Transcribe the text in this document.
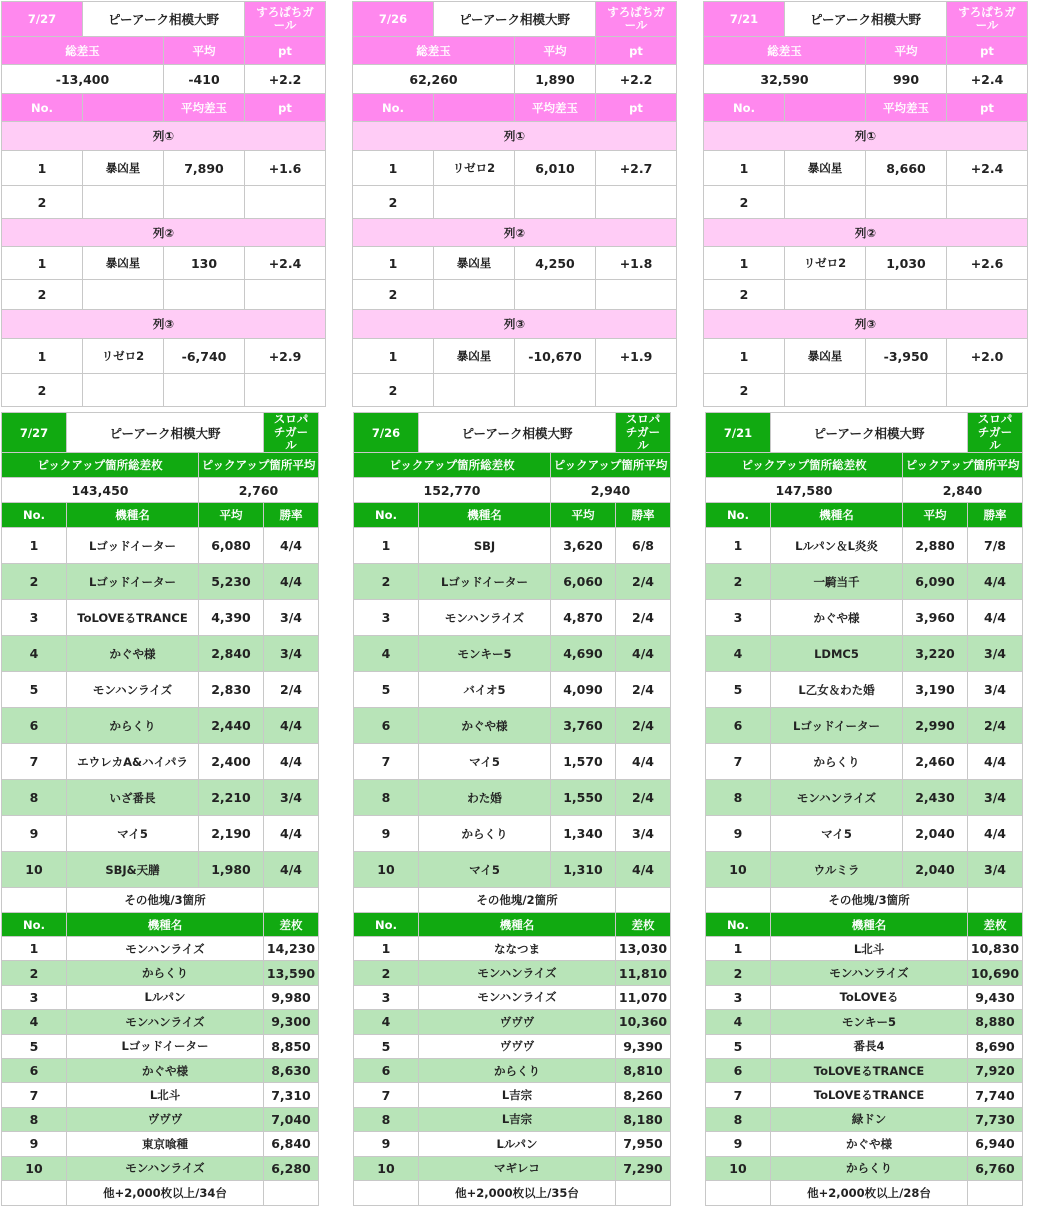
7/27	ピーアーク相模大野		すろぱちガール		7/26	ピーアーク相模大野		すろぱちガール		7/21	ピーアーク相模大野		すろぱちガール
総差玉		平均	pt		総差玉		平均	pt		総差玉		平均	pt
-13,400		-410	+2.2		62,260		1,890	+2.2		32,590		990	+2.4
No.		平均差玉	pt		No.		平均差玉	pt		No.		平均差玉	pt
列①					列①					列①			
1	暴凶星	7,890	+1.6		1	リゼロ2	6,010	+2.7		1	暴凶星	8,660	+2.4
2					2					2			
列②					列②					列②			
1	暴凶星	130	+2.4		1	暴凶星	4,250	+1.8		1	リゼロ2	1,030	+2.6
2					2					2			
列③					列③					列③			
1	リゼロ2	-6,740	+2.9		1	暴凶星	-10,670	+1.9		1	暴凶星	-3,950	+2.0
2					2					2			
7/27	ピーアーク相模大野		スロパチガール		7/26	ピーアーク相模大野		スロパチガール		7/21	ピーアーク相模大野		スロパチガール
ピックアップ箇所総差枚		ピックアップ箇所平均			ピックアップ箇所総差枚		ピックアップ箇所平均			ピックアップ箇所総差枚		ピックアップ箇所平均	
143,450		2,760			152,770		2,940			147,580		2,840	
No.	機種名	平均	勝率		No.	機種名	平均	勝率		No.	機種名	平均	勝率
1	Lゴッドイーター	6,080	4/4		1	SBJ	3,620	6/8		1	Lルパン＆L炎炎	2,880	7/8
2	Lゴッドイーター	5,230	4/4		2	Lゴッドイーター	6,060	2/4		2	一騎当千	6,090	4/4
3	ToLOVEるTRANCE	4,390	3/4		3	モンハンライズ	4,870	2/4		3	かぐや様	3,960	4/4
4	かぐや様	2,840	3/4		4	モンキー5	4,690	4/4		4	LDMC5	3,220	3/4
5	モンハンライズ	2,830	2/4		5	バイオ5	4,090	2/4		5	L乙女＆わた婚	3,190	3/4
6	からくり	2,440	4/4		6	かぐや様	3,760	2/4		6	Lゴッドイーター	2,990	2/4
7	エウレカA&ハイパラ	2,400	4/4		7	マイ5	1,570	4/4		7	からくり	2,460	4/4
8	いざ番長	2,210	3/4		8	わた婚	1,550	2/4		8	モンハンライズ	2,430	3/4
9	マイ5	2,190	4/4		9	からくり	1,340	3/4		9	マイ5	2,040	4/4
10	SBJ&天膳	1,980	4/4		10	マイ5	1,310	4/4		10	ウルミラ	2,040	3/4
	その他塊/3箇所					その他塊/2箇所					その他塊/3箇所		
No.	機種名		差枚		No.	機種名		差枚		No.	機種名		差枚
1	モンハンライズ		14,230		1	ななつま		13,030		1	L北斗		10,830
2	からくり		13,590		2	モンハンライズ		11,810		2	モンハンライズ		10,690
3	Lルパン		9,980		3	モンハンライズ		11,070		3	ToLOVEる		9,430
4	モンハンライズ		9,300		4	ヴヴヴ		10,360		4	モンキー5		8,880
5	Lゴッドイーター		8,850		5	ヴヴヴ		9,390		5	番長4		8,690
6	かぐや様		8,630		6	からくり		8,810		6	ToLOVEるTRANCE		7,920
7	L北斗		7,310		7	L吉宗		8,260		7	ToLOVEるTRANCE		7,740
8	ヴヴヴ		7,040		8	L吉宗		8,180		8	緑ドン		7,730
9	東京喰種		6,840		9	Lルパン		7,950		9	かぐや様		6,940
10	モンハンライズ		6,280		10	マギレコ		7,290		10	からくり		6,760
	他+2,000枚以上/34台					他+2,000枚以上/35台					他+2,000枚以上/28台		
